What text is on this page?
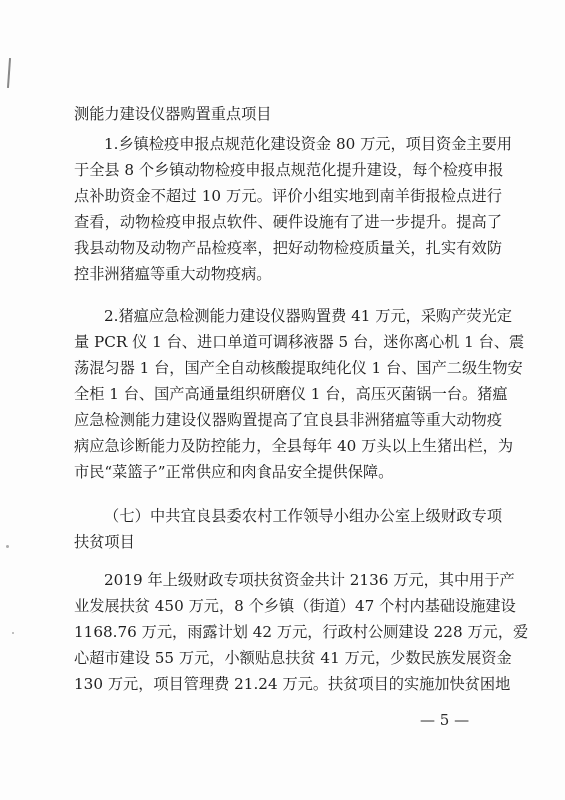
测能力建设仪器购置重点项目
1.乡镇检疫申报点规范化建设资金 80 万元，项目资金主要用
于全县 8 个乡镇动物检疫申报点规范化提升建设，每个检疫申报
点补助资金不超过 10 万元。评价小组实地到南羊街报检点进行
查看，动物检疫申报点软件、硬件设施有了进一步提升。提高了
我县动物及动物产品检疫率，把好动物检疫质量关，扎实有效防
控非洲猪瘟等重大动物疫病。
2.猪瘟应急检测能力建设仪器购置费 41 万元，采购产荧光定
量 PCR 仪 1 台、进口单道可调移液器 5 台，迷你离心机 1 台、震
荡混匀器 1 台，国产全自动核酸提取纯化仪 1 台、国产二级生物安
全柜 1 台、国产高通量组织研磨仪 1 台，高压灭菌锅一台。猪瘟
应急检测能力建设仪器购置提高了宜良县非洲猪瘟等重大动物疫
病应急诊断能力及防控能力，全县每年 40 万头以上生猪出栏，为
市民“菜篮子”正常供应和肉食品安全提供保障。
（七）中共宜良县委农村工作领导小组办公室上级财政专项
扶贫项目
2019 年上级财政专项扶贫资金共计 2136 万元，其中用于产
业发展扶贫 450 万元，8 个乡镇（街道）47 个村内基础设施建设
1168.76 万元，雨露计划 42 万元，行政村公厕建设 228 万元，爱
心超市建设 55 万元，小额贴息扶贫 41 万元，少数民族发展资金
130 万元，项目管理费 21.24 万元。扶贫项目的实施加快贫困地
— 5 —
